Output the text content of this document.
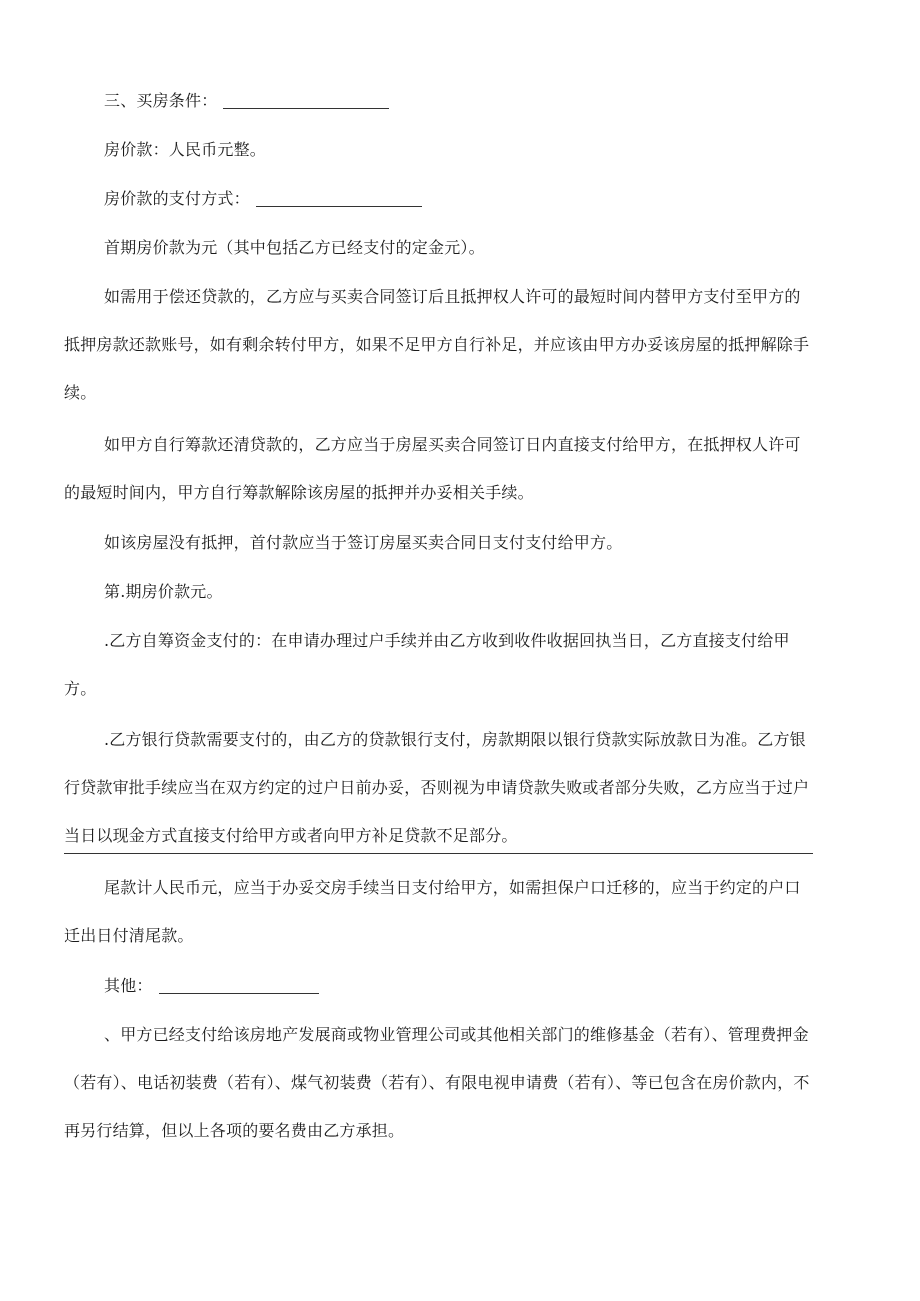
三、买房条件：

房价款：人民币元整。

房价款的支付方式：

首期房价款为元（其中包括乙方已经支付的定金元）。

如需用于偿还贷款的，乙方应与买卖合同签订后且抵押权人许可的最短时间内替甲方支付至甲方的抵押房款还款账号，如有剩余转付甲方，如果不足甲方自行补足，并应该由甲方办妥该房屋的抵押解除手续。

如甲方自行筹款还清贷款的，乙方应当于房屋买卖合同签订日内直接支付给甲方，在抵押权人许可的最短时间内，甲方自行筹款解除该房屋的抵押并办妥相关手续。

如该房屋没有抵押，首付款应当于签订房屋买卖合同日支付支付给甲方。

第.期房价款元。

.乙方自筹资金支付的：在申请办理过户手续并由乙方收到收件收据回执当日，乙方直接支付给甲方。

.乙方银行贷款需要支付的，由乙方的贷款银行支付，房款期限以银行贷款实际放款日为准。乙方银行贷款审批手续应当在双方约定的过户日前办妥，否则视为申请贷款失败或者部分失败，乙方应当于过户当日以现金方式直接支付给甲方或者向甲方补足贷款不足部分。

尾款计人民币元，应当于办妥交房手续当日支付给甲方，如需担保户口迁移的，应当于约定的户口迁出日付清尾款。

其他：

、甲方已经支付给该房地产发展商或物业管理公司或其他相关部门的维修基金（若有）、管理费押金（若有）、电话初装费（若有）、煤气初装费（若有）、有限电视申请费（若有）、等已包含在房价款内，不再另行结算，但以上各项的要名费由乙方承担。
